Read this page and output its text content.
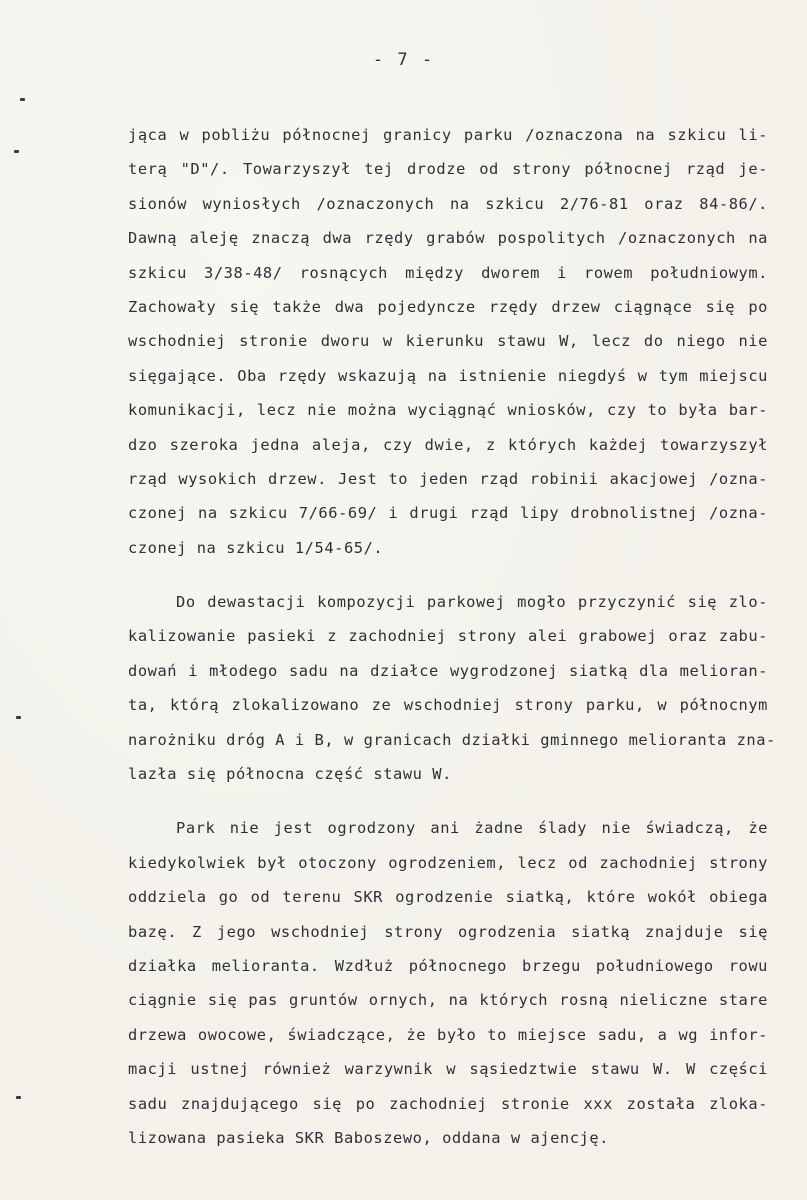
- 7 -
jąca w pobliżu północnej granicy parku /oznaczona na szkicu li-
terą "D"/. Towarzyszył tej drodze od strony północnej rząd je-
sionów wyniosłych /oznaczonych na szkicu 2/76-81 oraz 84-86/.
Dawną aleję znaczą dwa rzędy grabów pospolitych /oznaczonych na
szkicu 3/38-48/ rosnących między dworem i rowem południowym.
Zachowały się także dwa pojedyncze rzędy drzew ciągnące się po
wschodniej stronie dworu w kierunku stawu W, lecz do niego nie
sięgające. Oba rzędy wskazują na istnienie niegdyś w tym miejscu
komunikacji, lecz nie można wyciągnąć wniosków, czy to była bar-
dzo szeroka jedna aleja, czy dwie, z których każdej towarzyszył
rząd wysokich drzew. Jest to jeden rząd robinii akacjowej /ozna-
czonej na szkicu 7/66-69/ i drugi rząd lipy drobnolistnej /ozna-
czonej na szkicu 1/54-65/.
Do dewastacji kompozycji parkowej mogło przyczynić się zlo-
kalizowanie pasieki z zachodniej strony alei grabowej oraz zabu-
dowań i młodego sadu na działce wygrodzonej siatką dla melioran-
ta, którą zlokalizowano ze wschodniej strony parku, w północnym
narożniku dróg A i B, w granicach działki gminnego melioranta zna-
lazła się północna część stawu W.
Park nie jest ogrodzony ani żadne ślady nie świadczą, że
kiedykolwiek był otoczony ogrodzeniem, lecz od zachodniej strony
oddziela go od terenu SKR ogrodzenie siatką, które wokół obiega
bazę. Z jego wschodniej strony ogrodzenia siatką znajduje się
działka melioranta. Wzdłuż północnego brzegu południowego rowu
ciągnie się pas gruntów ornych, na których rosną nieliczne stare
drzewa owocowe, świadczące, że było to miejsce sadu, a wg infor-
macji ustnej również warzywnik w sąsiedztwie stawu W. W części
sadu znajdującego się po zachodniej stronie xxx została zloka-
lizowana pasieka SKR Baboszewo, oddana w ajencję.
